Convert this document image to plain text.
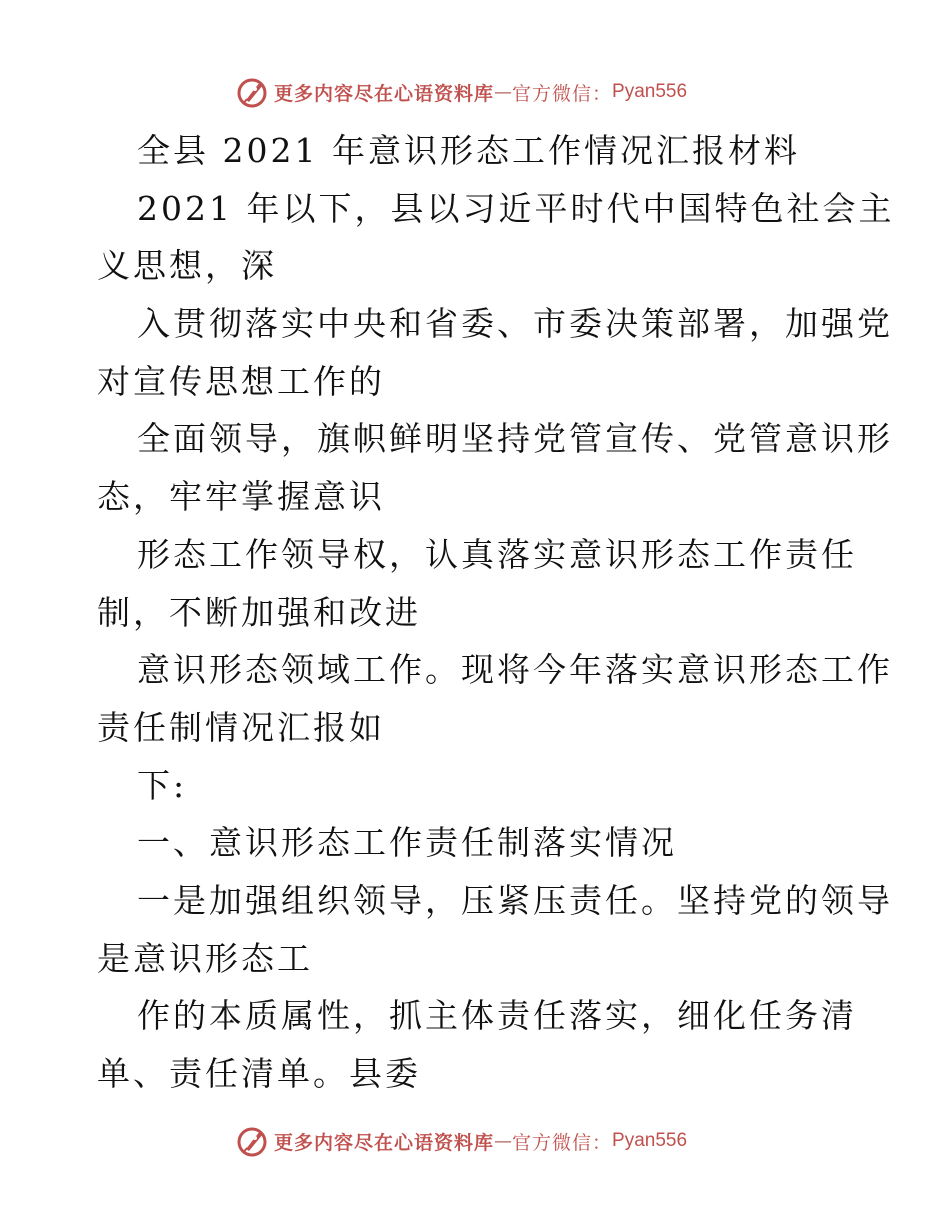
更多内容尽在心语资料库 — 官方微信： Pyan556
全县 2021 年意识形态工作情况汇报材料
2021 年以下，县以习近平时代中国特色社会主
义思想，深
入贯彻落实中央和省委、市委决策部署，加强党
对宣传思想工作的
全面领导，旗帜鲜明坚持党管宣传、党管意识形
态，牢牢掌握意识
形态工作领导权，认真落实意识形态工作责任
制，不断加强和改进
意识形态领域工作。现将今年落实意识形态工作
责任制情况汇报如
下:
一、意识形态工作责任制落实情况
一是加强组织领导，压紧压责任。坚持党的领导
是意识形态工
作的本质属性，抓主体责任落实，细化任务清
单、责任清单。县委
更多内容尽在心语资料库 — 官方微信： Pyan556
